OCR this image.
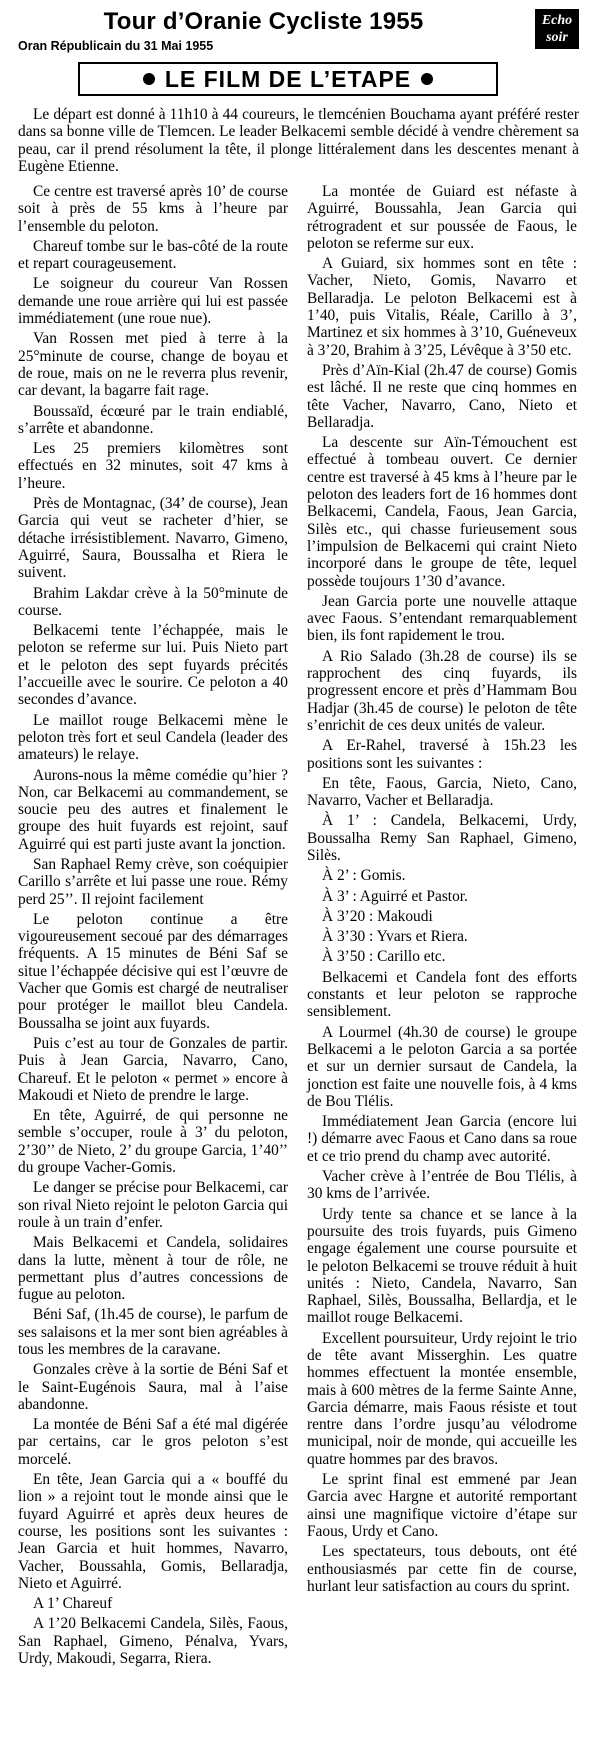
Tour d’Oranie Cycliste 1955
Oran Républicain du 31 Mai 1955
Echo
soir
LE FILM DE L’ETAPE

Le départ est donné à 11h10 à 44 coureurs, le tlemcénien Bouchama ayant préféré rester dans sa bonne ville de Tlemcen. Le leader Belkacemi semble décidé à vendre chèrement sa peau, car il prend résolument la tête, il plonge littéralement dans les descentes menant à Eugène Etienne.

Ce centre est traversé après 10’ de course soit à près de 55 kms à l’heure par l’ensemble du peloton.

Chareuf tombe sur le bas-côté de la route et repart courageusement.

Le soigneur du coureur Van Rossen demande une roue arrière qui lui est passée immédiatement (une roue nue).

Van Rossen met pied à terre à la 25°minute de course, change de boyau et de roue, mais on ne le reverra plus revenir, car devant, la bagarre fait rage.

Boussaïd, écœuré par le train endiablé, s’arrête et abandonne.

Les 25 premiers kilomètres sont effectués en 32 minutes, soit 47 kms à l’heure.

Près de Montagnac, (34’ de course), Jean Garcia qui veut se racheter d’hier, se détache irrésistiblement. Navarro, Gimeno, Aguirré, Saura, Boussalha et Riera le suivent.

Brahim Lakdar crève à la 50°minute de course.

Belkacemi tente l’échappée, mais le peloton se referme sur lui. Puis Nieto part et le peloton des sept fuyards précités l’accueille avec le sourire. Ce peloton a 40 secondes d’avance.

Le maillot rouge Belkacemi mène le peloton très fort et seul Candela (leader des amateurs) le relaye.

Aurons-nous la même comédie qu’hier ? Non, car Belkacemi au commandement, se soucie peu des autres et finalement le groupe des huit fuyards est rejoint, sauf Aguirré qui est parti juste avant la jonction.

San Raphael Remy crève, son coéquipier Carillo s’arrête et lui passe une roue. Rémy perd 25’’. Il rejoint facilement

Le peloton continue a être vigoureusement secoué par des démarrages fréquents. A 15 minutes de Béni Saf se situe l’échappée décisive qui est l’œuvre de Vacher que Gomis est chargé de neutraliser pour protéger le maillot bleu Candela. Boussalha se joint aux fuyards.

Puis c’est au tour de Gonzales de partir. Puis à Jean Garcia, Navarro, Cano, Chareuf. Et le peloton « permet » encore à Makoudi et Nieto de prendre le large.

En tête, Aguirré, de qui personne ne semble s’occuper, roule à 3’ du peloton, 2’30’’ de Nieto, 2’ du groupe Garcia, 1’40’’ du groupe Vacher-Gomis.

Le danger se précise pour Belkacemi, car son rival Nieto rejoint le peloton Garcia qui roule à un train d’enfer.

Mais Belkacemi et Candela, solidaires dans la lutte, mènent à tour de rôle, ne permettant plus d’autres concessions de fugue au peloton.

Béni Saf, (1h.45 de course), le parfum de ses salaisons et la mer sont bien agréables à tous les membres de la caravane.

Gonzales crève à la sortie de Béni Saf et le Saint-Eugénois Saura, mal à l’aise abandonne.

La montée de Béni Saf a été mal digérée par certains, car le gros peloton s’est morcelé.

En tête, Jean Garcia qui a « bouffé du lion » a rejoint tout le monde ainsi que le fuyard Aguirré et après deux heures de course, les positions sont les suivantes : Jean Garcia et huit hommes, Navarro, Vacher, Boussahla, Gomis, Bellaradja, Nieto et Aguirré.

A 1’ Chareuf

A 1’20 Belkacemi Candela, Silès, Faous, San Raphael, Gimeno, Pénalva, Yvars, Urdy, Makoudi, Segarra, Riera.

La montée de Guiard est néfaste à Aguirré, Boussahla, Jean Garcia qui rétrogradent et sur poussée de Faous, le peloton se referme sur eux.

A Guiard, six hommes sont en tête : Vacher, Nieto, Gomis, Navarro et Bellaradja. Le peloton Belkacemi est à 1’40, puis Vitalis, Réale, Carillo à 3’, Martinez et six hommes à 3’10, Guéneveux à 3’20, Brahim à 3’25, Lévêque à 3’50 etc.

Près d’Aïn-Kial (2h.47 de course) Gomis est lâché. Il ne reste que cinq hommes en tête Vacher, Navarro, Cano, Nieto et Bellaradja.

La descente sur Aïn-Témouchent est effectué à tombeau ouvert. Ce dernier centre est traversé à 45 kms à l’heure par le peloton des leaders fort de 16 hommes dont Belkacemi, Candela, Faous, Jean Garcia, Silès etc., qui chasse furieusement sous l’impulsion de Belkacemi qui craint Nieto incorporé dans le groupe de tête, lequel possède toujours 1’30 d’avance.

Jean Garcia porte une nouvelle attaque avec Faous. S’entendant remarquablement bien, ils font rapidement le trou.

A Rio Salado (3h.28 de course) ils se rapprochent des cinq fuyards, ils progressent encore et près d’Hammam Bou Hadjar (3h.45 de course) le peloton de tête s’enrichit de ces deux unités de valeur.

A Er-Rahel, traversé à 15h.23 les positions sont les suivantes :

En tête, Faous, Garcia, Nieto, Cano, Navarro, Vacher et Bellaradja.

À 1’ : Candela, Belkacemi, Urdy, Boussalha Remy San Raphael, Gimeno, Silès.

À 2’ : Gomis.

À 3’ : Aguirré et Pastor.

À 3’20 : Makoudi

À 3’30 : Yvars et Riera.

À 3’50 : Carillo etc.

Belkacemi et Candela font des efforts constants et leur peloton se rapproche sensiblement.

A Lourmel (4h.30 de course) le groupe Belkacemi a le peloton Garcia a sa portée et sur un dernier sursaut de Candela, la jonction est faite une nouvelle fois, à 4 kms de Bou Tlélis.

Immédiatement Jean Garcia (encore lui !) démarre avec Faous et Cano dans sa roue et ce trio prend du champ avec autorité.

Vacher crève à l’entrée de Bou Tlélis, à 30 kms de l’arrivée.

Urdy tente sa chance et se lance à la poursuite des trois fuyards, puis Gimeno engage également une course poursuite et le peloton Belkacemi se trouve réduit à huit unités : Nieto, Candela, Navarro, San Raphael, Silès, Boussalha, Bellardja, et le maillot rouge Belkacemi.

Excellent poursuiteur, Urdy rejoint le trio de tête avant Misserghin. Les quatre hommes effectuent la montée ensemble, mais à 600 mètres de la ferme Sainte Anne, Garcia démarre, mais Faous résiste et tout rentre dans l’ordre jusqu’au vélodrome municipal, noir de monde, qui accueille les quatre hommes par des bravos.

Le sprint final est emmené par Jean Garcia avec Hargne et autorité remportant ainsi une magnifique victoire d’étape sur Faous, Urdy et Cano.

Les spectateurs, tous debouts, ont été enthousiasmés par cette fin de course, hurlant leur satisfaction au cours du sprint.
